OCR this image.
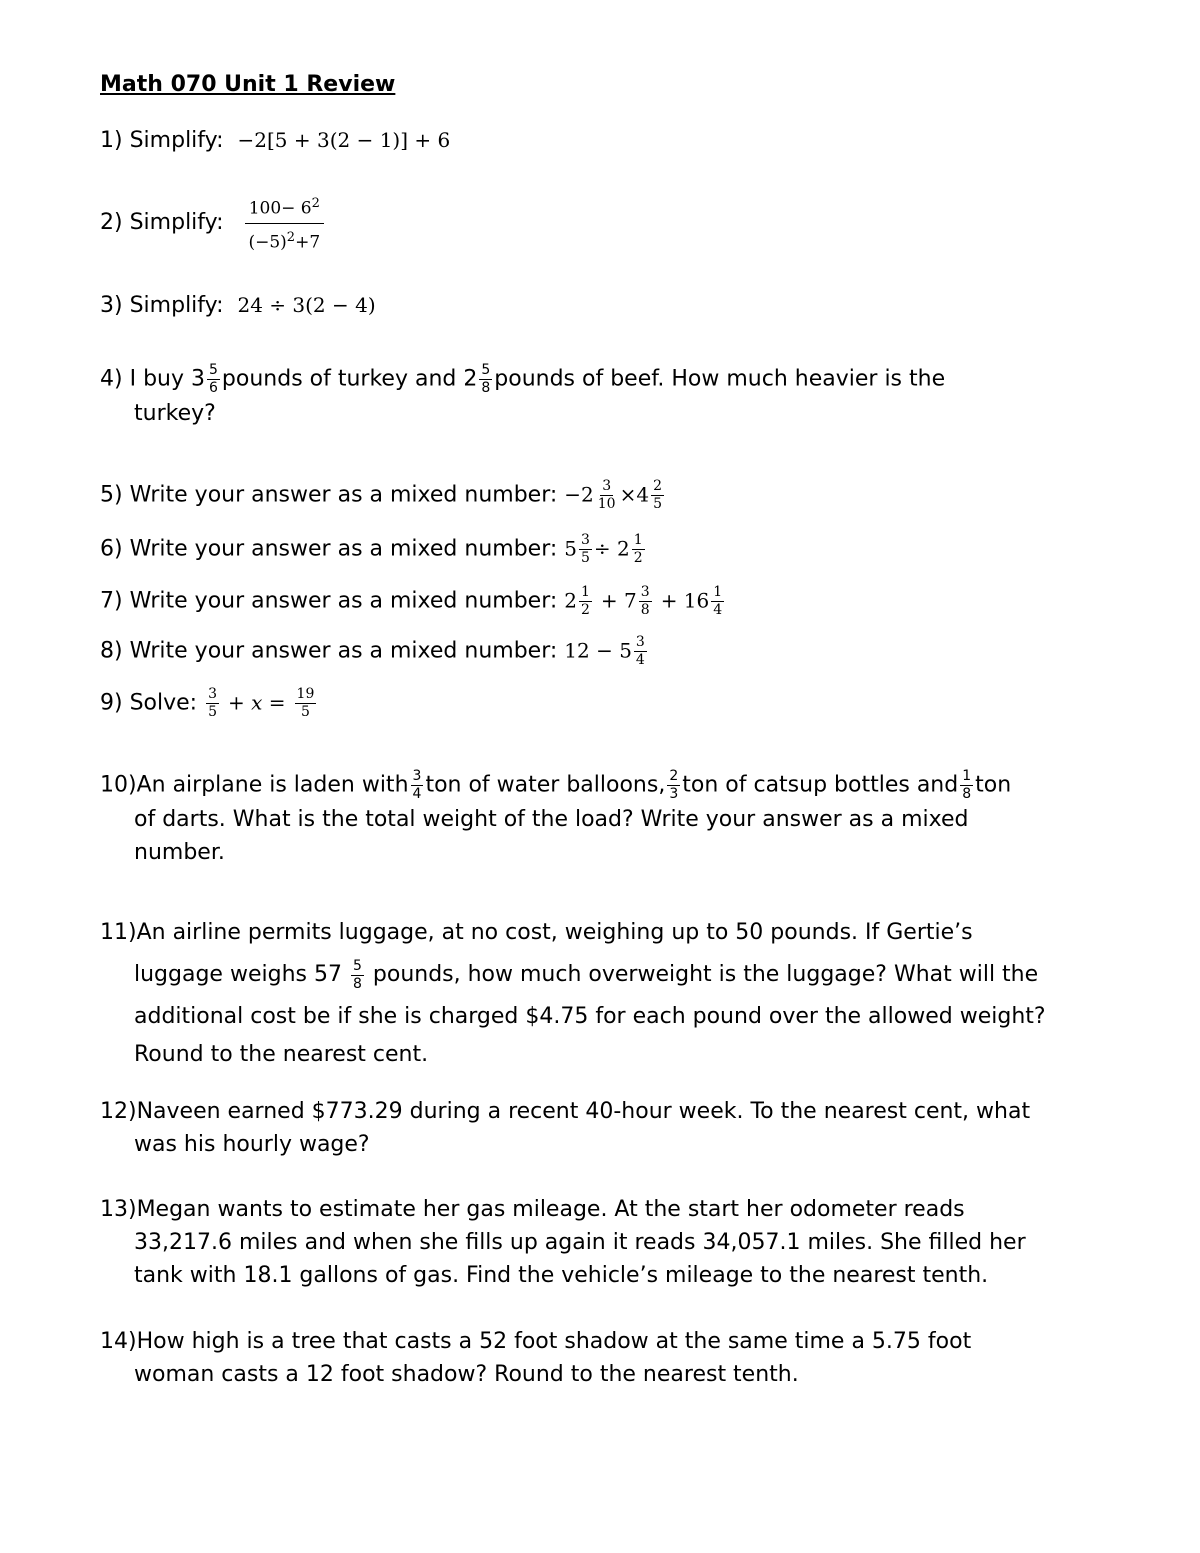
Math 070 Unit 1 Review
1) Simplify: −2[5 + 3(2 − 1)] + 6
2) Simplify: $\frac{100- 6^2}{(-5)^2+7}$
3) Simplify: 24 ÷ 3(2 − 4)
4) I buy $3 \frac{5}{6}$ pounds of turkey and $2 \frac{5}{8}$ pounds of beef. How much heavier is the
turkey?
5) Write your answer as a mixed number: $-2 \frac{3}{10} \times 4 \frac{2}{5}$
6) Write your answer as a mixed number: $5 \frac{3}{5} \div 2 \frac{1}{2}$
7) Write your answer as a mixed number: $2 \frac{1}{2} + 7 \frac{3}{8} + 16 \frac{1}{4}$
8) Write your answer as a mixed number: $12 - 5 \frac{3}{4}$
9) Solve: $\frac{3}{5}$ + 𝑥 = $\frac{19}{5}$
10)An airplane is laden with $\frac{3}{4}$ ton of water balloons, $\frac{2}{3}$ ton of catsup bottles and $\frac{1}{8}$ ton
of darts. What is the total weight of the load? Write your answer as a mixed
number.
11)An airline permits luggage, at no cost, weighing up to 50 pounds. If Gertie’s
luggage weighs $57 \frac{5}{8}$ pounds, how much overweight is the luggage? What will the
additional cost be if she is charged $4.75 for each pound over the allowed weight?
Round to the nearest cent.
12)Naveen earned $773.29 during a recent 40-hour week. To the nearest cent, what
was his hourly wage?
13)Megan wants to estimate her gas mileage. At the start her odometer reads
33,217.6 miles and when she fills up again it reads 34,057.1 miles. She filled her
tank with 18.1 gallons of gas. Find the vehicle’s mileage to the nearest tenth.
14)How high is a tree that casts a 52 foot shadow at the same time a 5.75 foot
woman casts a 12 foot shadow? Round to the nearest tenth.
